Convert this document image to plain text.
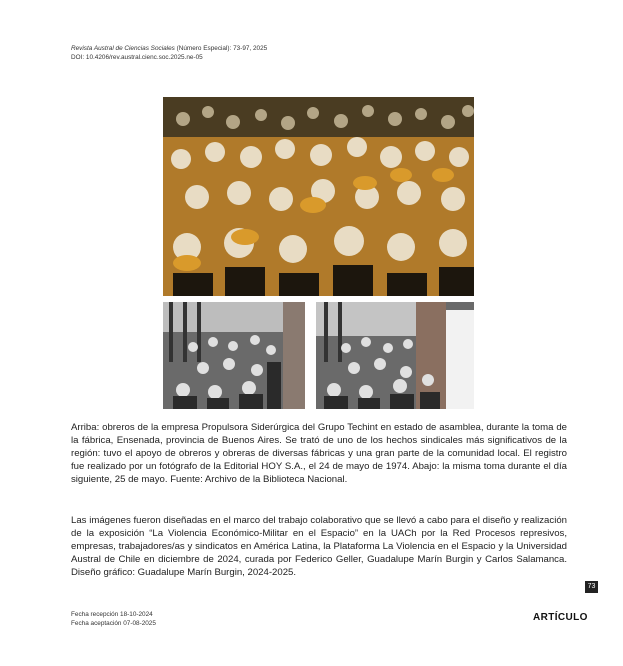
Revista Austral de Ciencias Sociales (Número Especial): 73-97, 2025
DOI: 10.4206/rev.austral.cienc.soc.2025.ne-05
Arriba: obreros de la empresa Propulsora Siderúrgica del Grupo Techint en estado de asamblea, durante la toma de la fábrica, Ensenada, provincia de Buenos Aires. Se trató de uno de los hechos sindicales más significativos de la región: tuvo el apoyo de obreros y obreras de diversas fábricas y una gran parte de la comunidad local. El registro fue realizado por un fotógrafo de la Editorial HOY S.A., el 24 de mayo de 1974. Abajo: la misma toma durante el día siguiente, 25 de mayo. Fuente: Archivo de la Biblioteca Nacional.
Las imágenes fueron diseñadas en el marco del trabajo colaborativo que se llevó a cabo para el diseño y realización de la exposición “La Violencia Económico-Militar en el Espacio” en la UACh por la Red Procesos represivos, empresas, trabajadores/as y sindicatos en América Latina, la Plataforma La Violencia en el Espacio y la Universidad Austral de Chile en diciembre de 2024, curada por Federico Geller, Guadalupe Marín Burgin y Carlos Salamanca. Diseño gráfico: Guadalupe Marín Burgin, 2024-2025.
73
Fecha recepción 18-10-2024
Fecha aceptación 07-08-2025	ARTÍCULO
